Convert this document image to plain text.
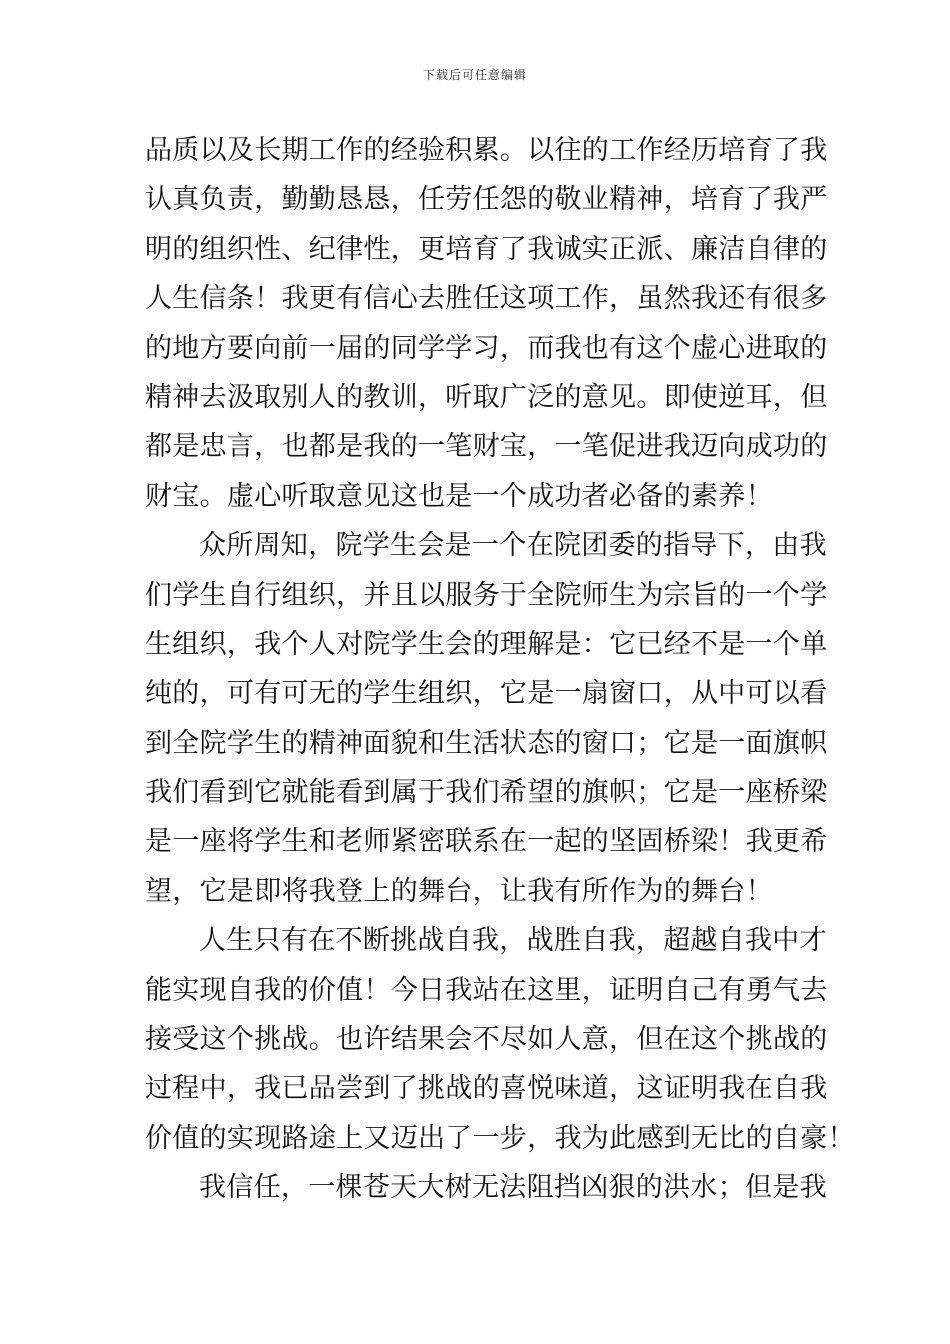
下载后可任意编辑
品质以及长期工作的经验积累。以往的工作经历培育了我
认真负责，勤勤恳恳，任劳任怨的敬业精神，培育了我严
明的组织性、纪律性，更培育了我诚实正派、廉洁自律的
人生信条！我更有信心去胜任这项工作，虽然我还有很多
的地方要向前一届的同学学习，而我也有这个虚心进取的
精神去汲取别人的教训，听取广泛的意见。即使逆耳，但
都是忠言，也都是我的一笔财宝，一笔促进我迈向成功的
财宝。虚心听取意见这也是一个成功者必备的素养！
众所周知，院学生会是一个在院团委的指导下，由我
们学生自行组织，并且以服务于全院师生为宗旨的一个学
生组织，我个人对院学生会的理解是：它已经不是一个单
纯的，可有可无的学生组织，它是一扇窗口，从中可以看
到全院学生的精神面貌和生活状态的窗口；它是一面旗帜
我们看到它就能看到属于我们希望的旗帜；它是一座桥梁
是一座将学生和老师紧密联系在一起的坚固桥梁！我更希
望，它是即将我登上的舞台，让我有所作为的舞台！
人生只有在不断挑战自我，战胜自我，超越自我中才
能实现自我的价值！今日我站在这里，证明自己有勇气去
接受这个挑战。也许结果会不尽如人意，但在这个挑战的
过程中，我已品尝到了挑战的喜悦味道，这证明我在自我
价值的实现路途上又迈出了一步，我为此感到无比的自豪！
我信任，一棵苍天大树无法阻挡凶狠的洪水；但是我
